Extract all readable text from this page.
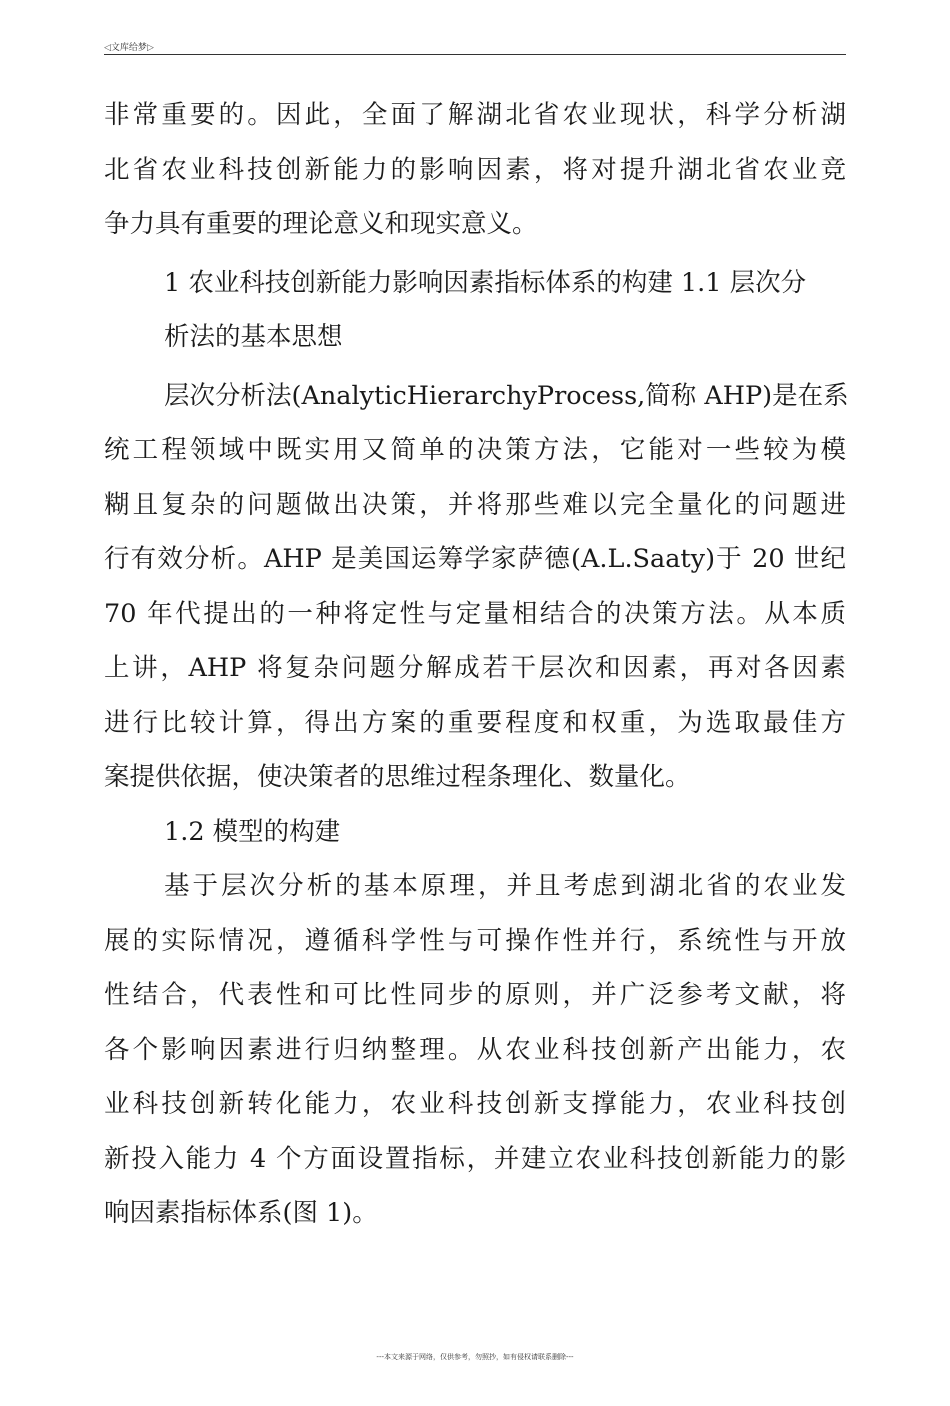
◁文库给梦▷

非常重要的。因此，全面了解湖北省农业现状，科学分析湖
北省农业科技创新能力的影响因素，将对提升湖北省农业竞
争力具有重要的理论意义和现实意义。

1 农业科技创新能力影响因素指标体系的构建 1.1 层次分
析法的基本思想

层次分析法(AnalyticHierarchyProcess,简称 AHP)是在系
统工程领域中既实用又简单的决策方法，它能对一些较为模
糊且复杂的问题做出决策，并将那些难以完全量化的问题进
行有效分析。AHP 是美国运筹学家萨德(A.L.Saaty)于 20 世纪
70 年代提出的一种将定性与定量相结合的决策方法。从本质
上讲，AHP 将复杂问题分解成若干层次和因素，再对各因素
进行比较计算，得出方案的重要程度和权重，为选取最佳方
案提供依据，使决策者的思维过程条理化、数量化。

1.2 模型的构建

基于层次分析的基本原理，并且考虑到湖北省的农业发
展的实际情况，遵循科学性与可操作性并行，系统性与开放
性结合，代表性和可比性同步的原则，并广泛参考文献，将
各个影响因素进行归纳整理。从农业科技创新产出能力，农
业科技创新转化能力，农业科技创新支撑能力，农业科技创
新投入能力 4 个方面设置指标，并建立农业科技创新能力的影
响因素指标体系(图 1)。

---本文来源于网络，仅供参考，勿照抄，如有侵权请联系删除---
